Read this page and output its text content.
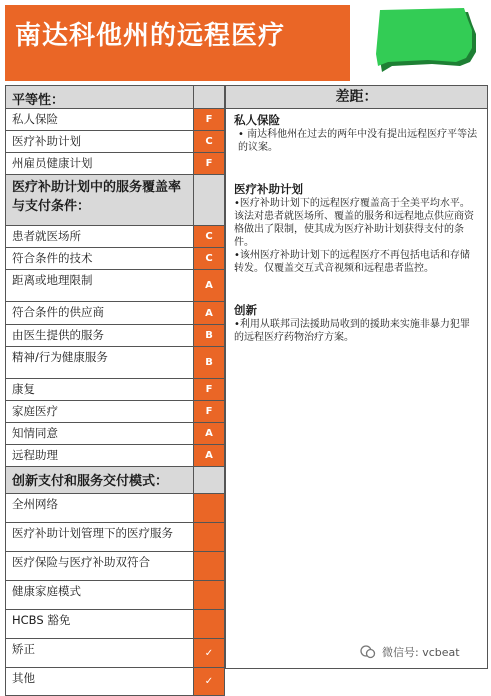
南达科他州的远程医疗
平等性：
私人保险	F
医疗补助计划	C
州雇员健康计划	F
医疗补助计划中的服务覆盖率与支付条件：
患者就医场所	C
符合条件的技术	C
距离或地理限制	A
符合条件的供应商	A
由医生提供的服务	B
精神/行为健康服务	B
康复	F
家庭医疗	F
知情同意	A
远程助理	A
创新支付和服务交付模式：
全州网络
医疗补助计划管理下的医疗服务
医疗保险与医疗补助双符合
健康家庭模式
HCBS 豁免
矫正	✓
其他	✓
差距：
私人保险

• 南达科他州在过去的两年中没有提出远程医疗平等法的议案。

医疗补助计划

•医疗补助计划下的远程医疗覆盖高于全美平均水平。该法对患者就医场所、覆盖的服务和远程地点供应商资格做出了限制，使其成为医疗补助计划获得支付的条件。
•该州医疗补助计划下的远程医疗不再包括电话和存储转发。仅覆盖交互式音视频和远程患者监控。

创新

•利用从联邦司法援助局收到的援助来实施非暴力犯罪的远程医疗药物治疗方案。

微信号: vcbeat
